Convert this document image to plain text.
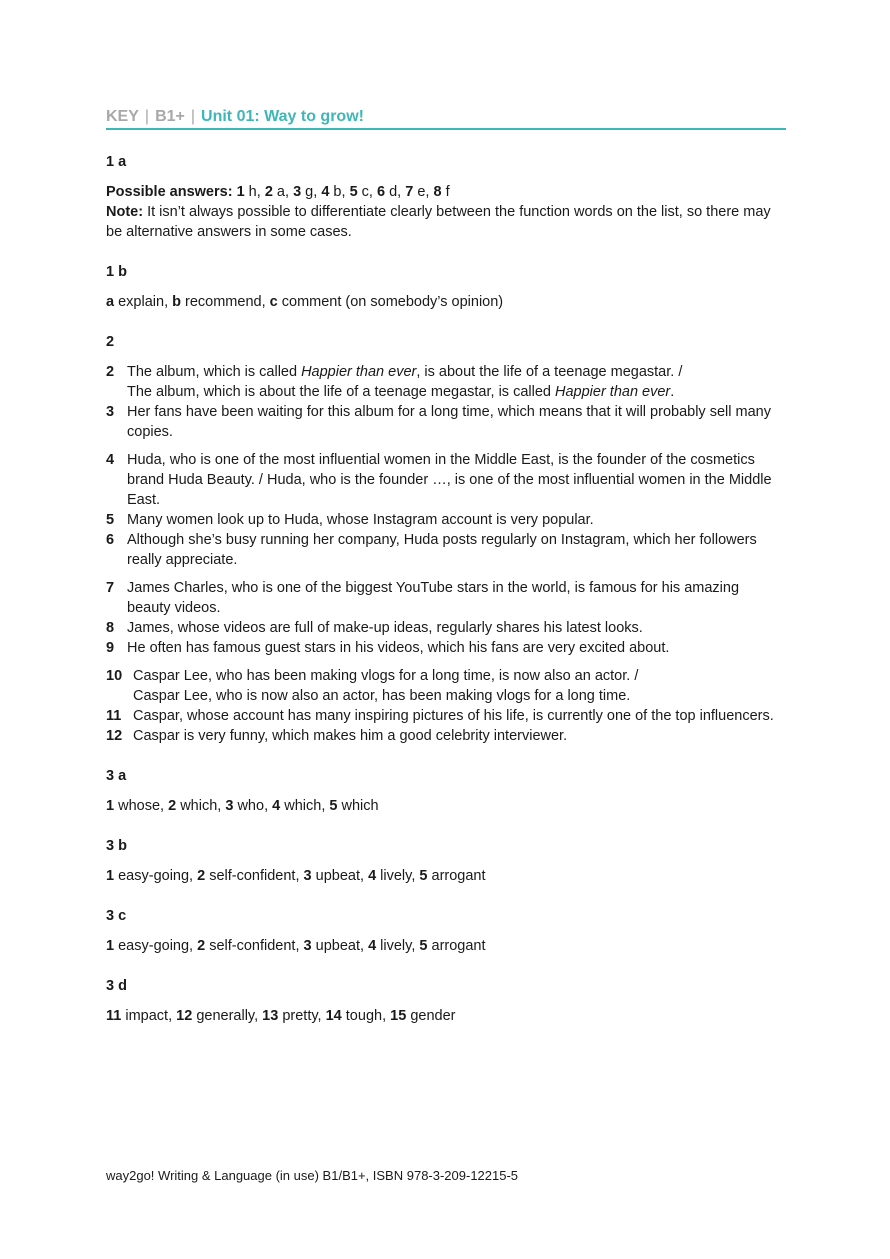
KEY | B1+ | Unit 01: Way to grow!

1 a

Possible answers: 1 h, 2 a, 3 g, 4 b, 5 c, 6 d, 7 e, 8 f

Note: It isn’t always possible to differentiate clearly between the function words on the list, so there may be alternative answers in some cases.

1 b

a explain, b recommend, c comment (on somebody’s opinion)

2

2 The album, which is called Happier than ever, is about the life of a teenage megastar. /
The album, which is about the life of a teenage megastar, is called Happier than ever.
3 Her fans have been waiting for this album for a long time, which means that it will probably sell many copies.
4 Huda, who is one of the most influential women in the Middle East, is the founder of the cosmetics brand Huda Beauty. / Huda, who is the founder …, is one of the most influential women in the Middle East.
5 Many women look up to Huda, whose Instagram account is very popular.
6 Although she’s busy running her company, Huda posts regularly on Instagram, which her followers really appreciate.
7 James Charles, who is one of the biggest YouTube stars in the world, is famous for his amazing beauty videos.
8 James, whose videos are full of make-up ideas, regularly shares his latest looks.
9 He often has famous guest stars in his videos, which his fans are very excited about.
10 Caspar Lee, who has been making vlogs for a long time, is now also an actor. /
Caspar Lee, who is now also an actor, has been making vlogs for a long time.
11 Caspar, whose account has many inspiring pictures of his life, is currently one of the top influencers.
12 Caspar is very funny, which makes him a good celebrity interviewer.

3 a

1 whose, 2 which, 3 who, 4 which, 5 which

3 b

1 easy-going, 2 self-confident, 3 upbeat, 4 lively, 5 arrogant

3 c

1 easy-going, 2 self-confident, 3 upbeat, 4 lively, 5 arrogant

3 d

11 impact, 12 generally, 13 pretty, 14 tough, 15 gender

way2go! Writing & Language (in use) B1/B1+, ISBN 978-3-209-12215-5
